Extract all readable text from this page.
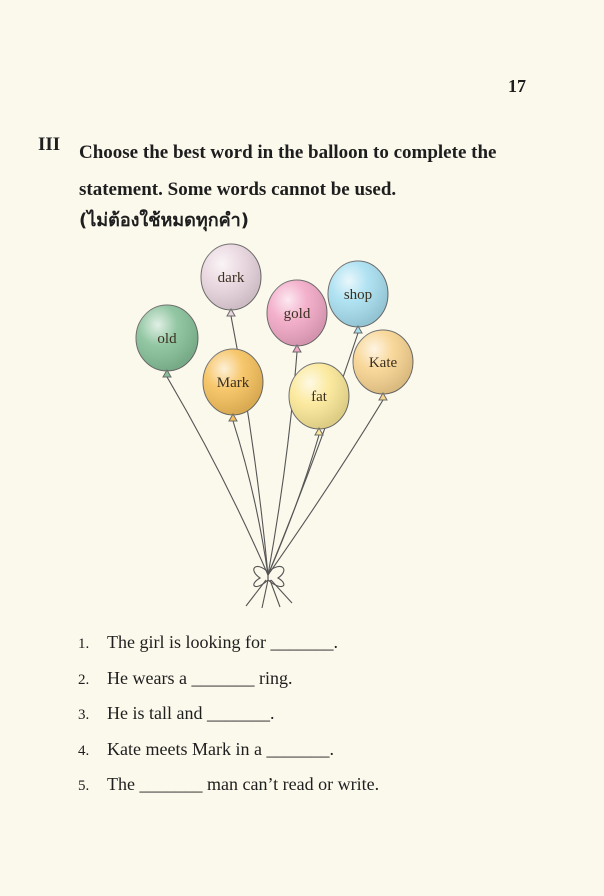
17
III Choose the best word in the balloon to complete the statement. Some words cannot be used.
(ไม่ต้องใช้หมดทุกคำ)
dark
old
gold
shop
Kate
Mark
fat
1. The girl is looking for _______.
2. He wears a _______ ring.
3. He is tall and _______.
4. Kate meets Mark in a _______.
5. The _______ man can’t read or write.
